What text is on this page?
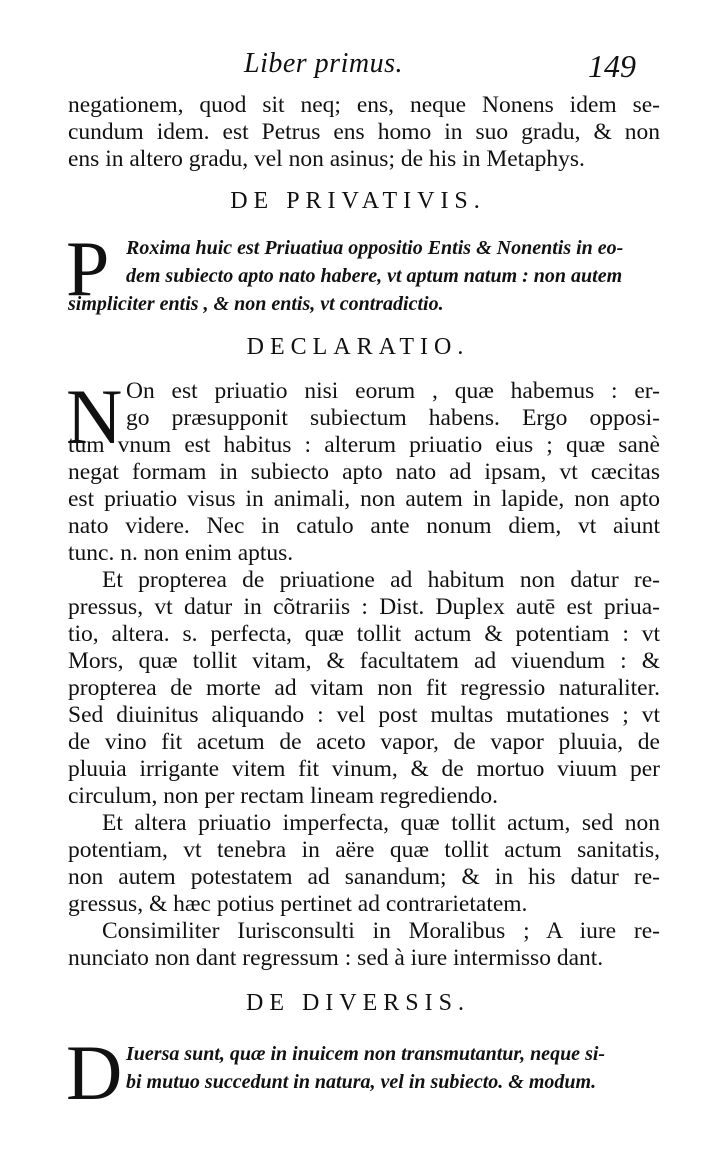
Liber primus.	149
negationem, quod sit neq; ens, neque Nonens idem se-
cundum idem. est Petrus ens homo in suo gradu, & non
ens in altero gradu, vel non asinus; de his in Metaphys.
DE PRIVATIVIS.
P Roxima huic est Priuatiua oppositio Entis & Nonentis in eo-
dem subiecto apto nato habere, vt aptum natum : non autem
simpliciter entis , & non entis, vt contradictio.
DECLARATIO.
N On est priuatio nisi eorum , quæ habemus : er-
go præsupponit subiectum habens. Ergo opposi-
tum vnum est habitus : alterum priuatio eius ; quæ sanè
negat formam in subiecto apto nato ad ipsam, vt cæcitas
est priuatio visus in animali, non autem in lapide, non apto
nato videre. Nec in catulo ante nonum diem, vt aiunt
tunc. n. non enim aptus.
Et propterea de priuatione ad habitum non datur re-
pressus, vt datur in cõtrariis : Dist. Duplex autē est priua-
tio, altera. s. perfecta, quæ tollit actum & potentiam : vt
Mors, quæ tollit vitam, & facultatem ad viuendum : &
propterea de morte ad vitam non fit regressio naturaliter.
Sed diuinitus aliquando : vel post multas mutationes ; vt
de vino fit acetum de aceto vapor, de vapor pluuia, de
pluuia irrigante vitem fit vinum, & de mortuo viuum per
circulum, non per rectam lineam regrediendo.
Et altera priuatio imperfecta, quæ tollit actum, sed non
potentiam, vt tenebra in aëre quæ tollit actum sanitatis,
non autem potestatem ad sanandum; & in his datur re-
gressus, & hæc potius pertinet ad contrarietatem.
Consimiliter Iurisconsulti in Moralibus ; A iure re-
nunciato non dant regressum : sed à iure intermisso dant.
DE DIVERSIS.
D Iuersa sunt, quæ in inuicem non transmutantur, neque si-
bi mutuo succedunt in natura, vel in subiecto. & modum.
